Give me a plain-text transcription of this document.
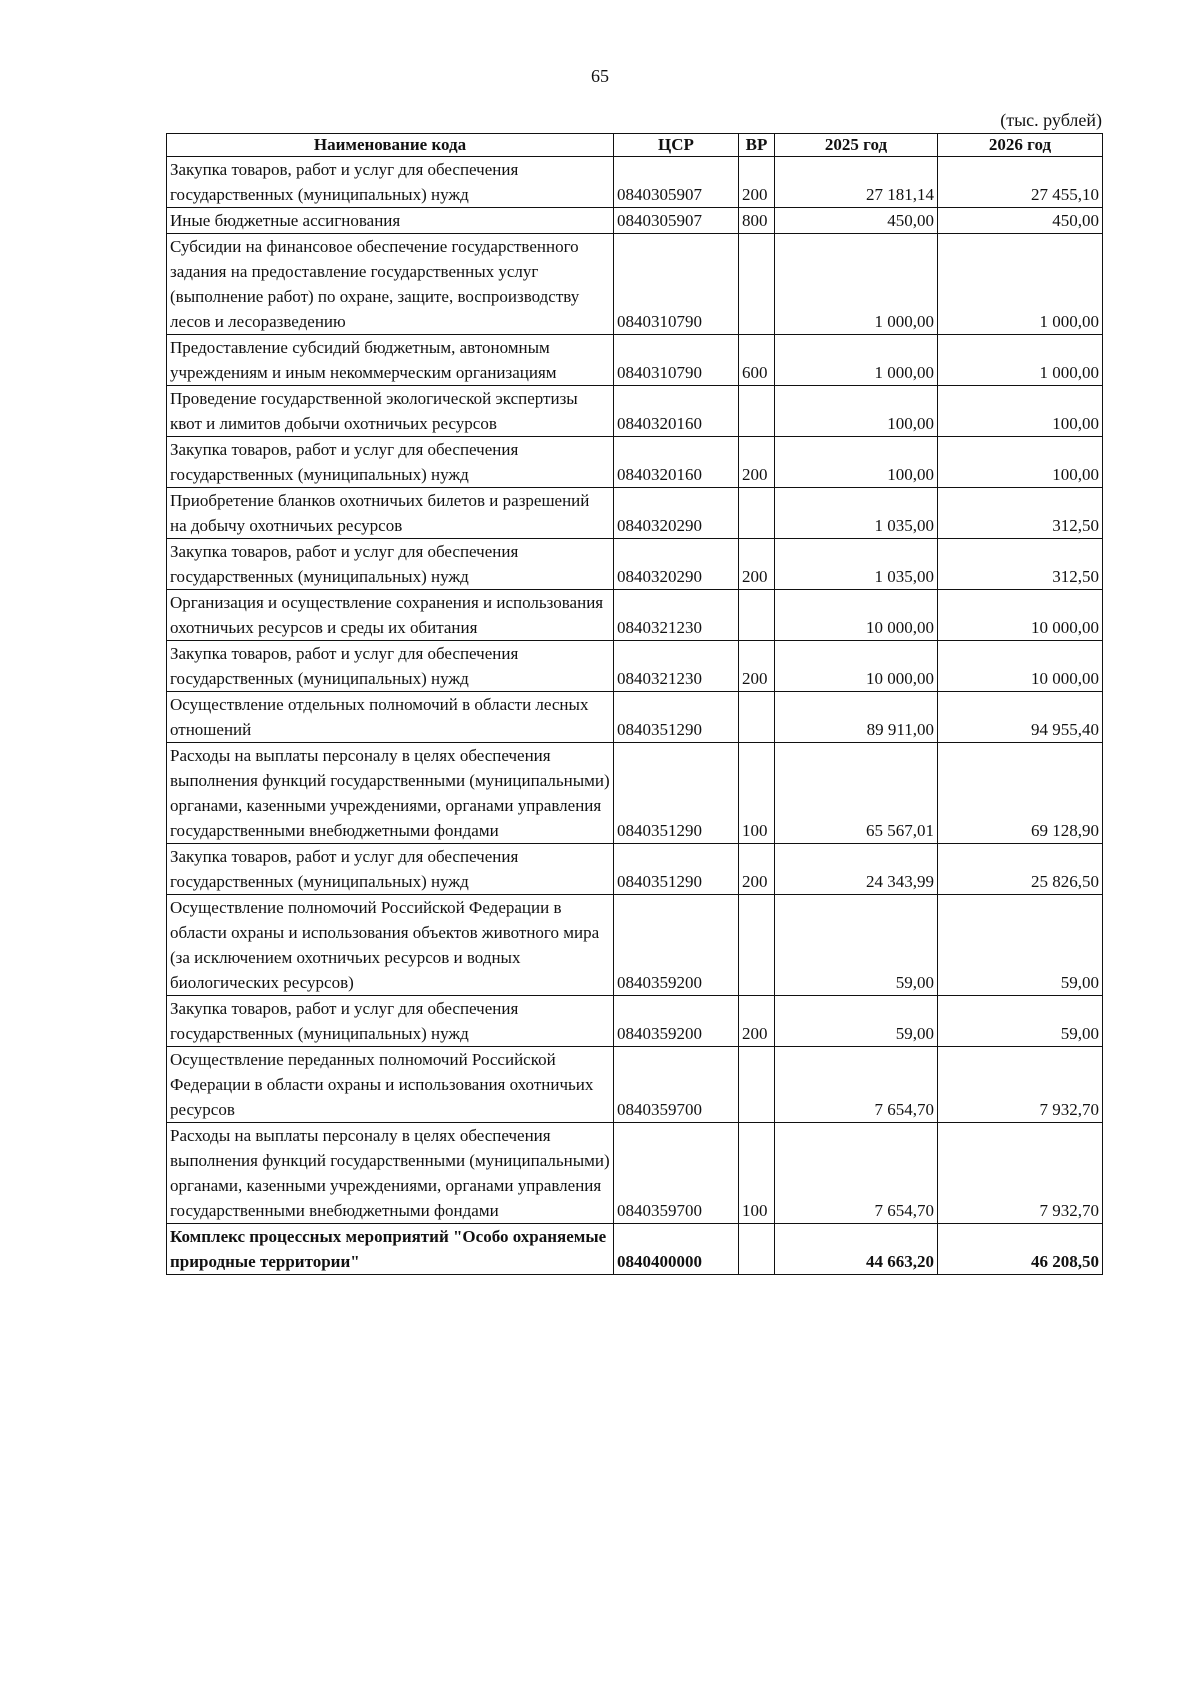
65
(тыс. рублей)
Наименование кода	ЦСР	ВР	2025 год	2026 год
Закупка товаров, работ и услуг для обеспечения государственных (муниципальных) нужд	0840305907	200	27 181,14	27 455,10
Иные бюджетные ассигнования	0840305907	800	450,00	450,00
Субсидии на финансовое обеспечение государственного задания на предоставление государственных услуг (выполнение работ) по охране, защите, воспроизводству лесов и лесоразведению	0840310790		1 000,00	1 000,00
Предоставление субсидий бюджетным, автономным учреждениям и иным некоммерческим организациям	0840310790	600	1 000,00	1 000,00
Проведение государственной экологической экспертизы квот и лимитов добычи охотничьих ресурсов	0840320160		100,00	100,00
Закупка товаров, работ и услуг для обеспечения государственных (муниципальных) нужд	0840320160	200	100,00	100,00
Приобретение бланков охотничьих билетов и разрешений на добычу охотничьих ресурсов	0840320290		1 035,00	312,50
Закупка товаров, работ и услуг для обеспечения государственных (муниципальных) нужд	0840320290	200	1 035,00	312,50
Организация и осуществление сохранения и использования охотничьих ресурсов и среды их обитания	0840321230		10 000,00	10 000,00
Закупка товаров, работ и услуг для обеспечения государственных (муниципальных) нужд	0840321230	200	10 000,00	10 000,00
Осуществление отдельных полномочий в области лесных отношений	0840351290		89 911,00	94 955,40
Расходы на выплаты персоналу в целях обеспечения выполнения функций государственными (муниципальными) органами, казенными учреждениями, органами управления государственными внебюджетными фондами	0840351290	100	65 567,01	69 128,90
Закупка товаров, работ и услуг для обеспечения государственных (муниципальных) нужд	0840351290	200	24 343,99	25 826,50
Осуществление полномочий Российской Федерации в области охраны и использования объектов животного мира (за исключением охотничьих ресурсов и водных биологических ресурсов)	0840359200		59,00	59,00
Закупка товаров, работ и услуг для обеспечения государственных (муниципальных) нужд	0840359200	200	59,00	59,00
Осуществление переданных полномочий Российской Федерации в области охраны и использования охотничьих ресурсов	0840359700		7 654,70	7 932,70
Расходы на выплаты персоналу в целях обеспечения выполнения функций государственными (муниципальными) органами, казенными учреждениями, органами управления государственными внебюджетными фондами	0840359700	100	7 654,70	7 932,70
Комплекс процессных мероприятий "Особо охраняемые природные территории"	0840400000		44 663,20	46 208,50
